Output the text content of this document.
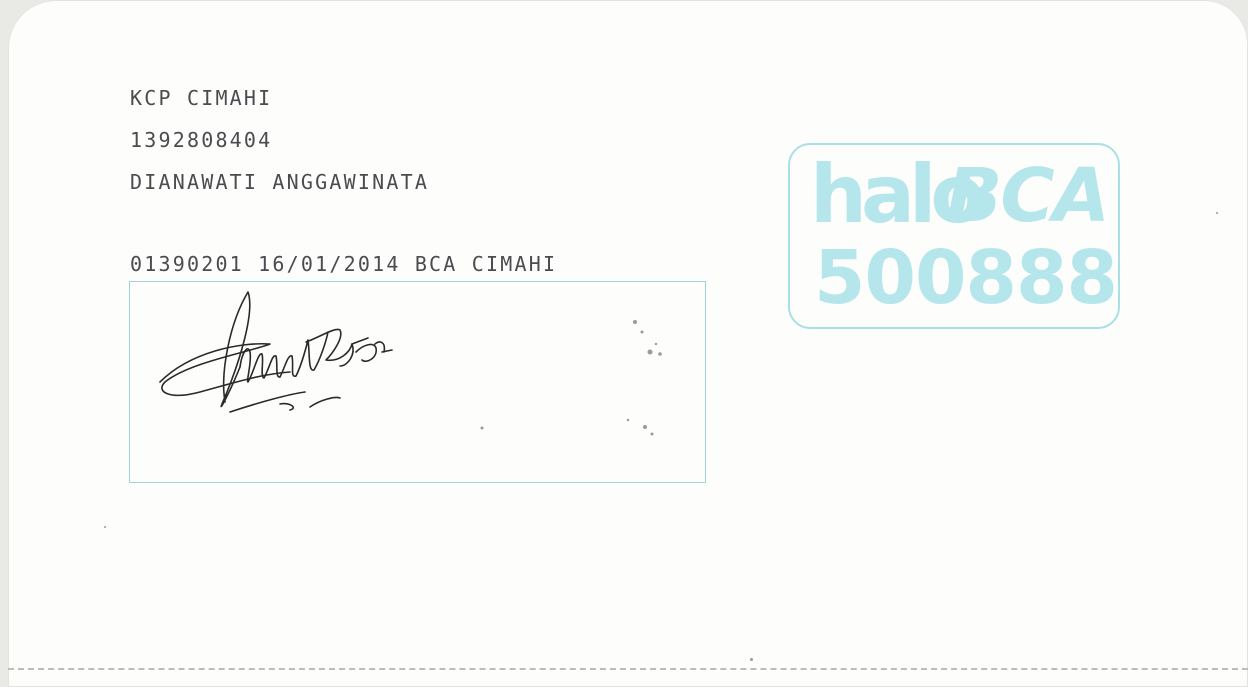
KCP CIMAHI
1392808404
DIANAWATI ANGGAWINATA
01390201 16/01/2014 BCA CIMAHI
halo
BCA
500888
